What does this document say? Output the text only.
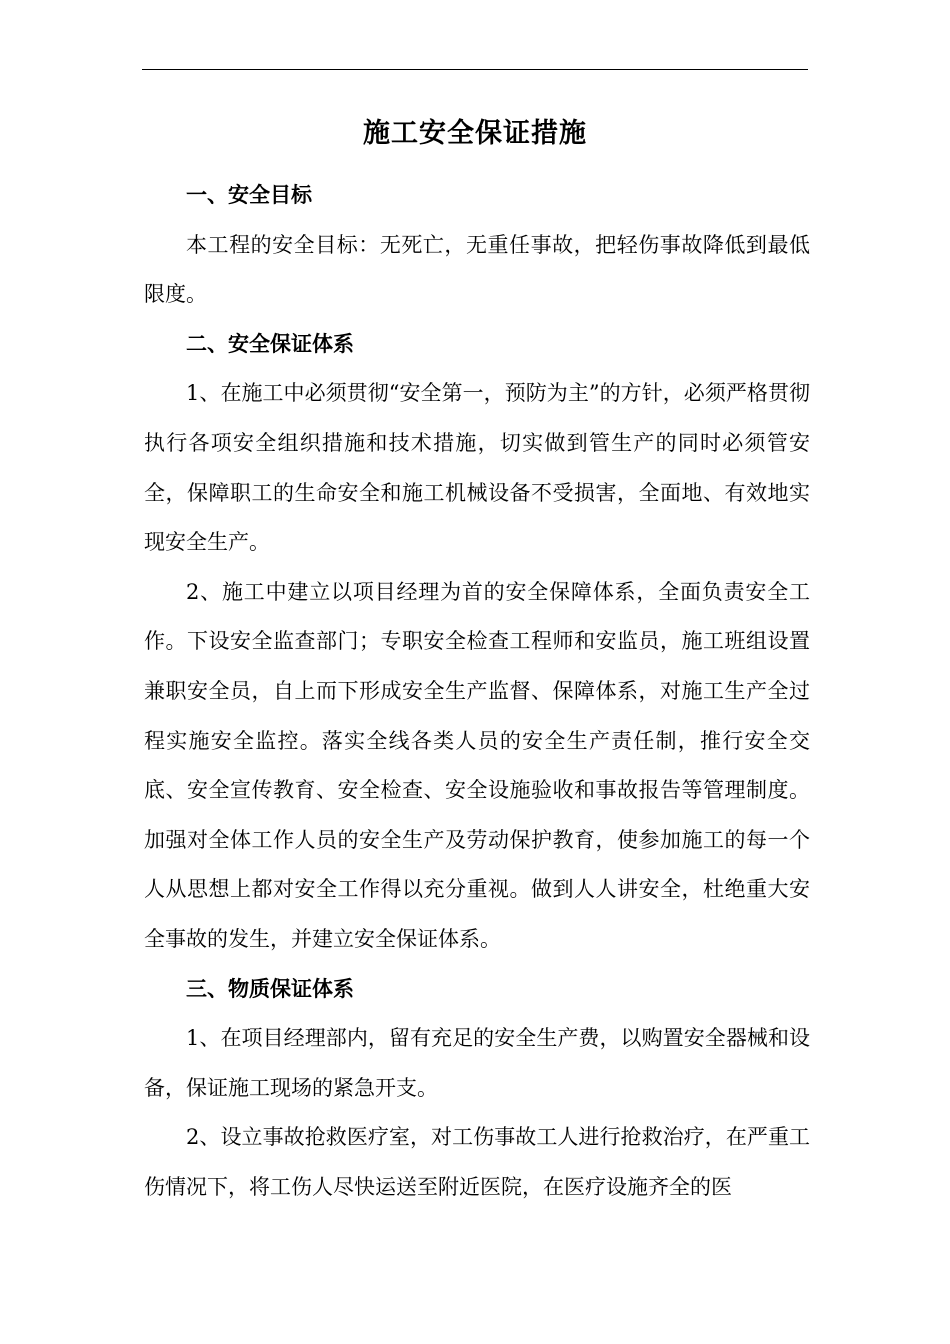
施工安全保证措施
一、安全目标

本工程的安全目标：无死亡，无重任事故，把轻伤事故降低到最低限度。

二、安全保证体系

1、在施工中必须贯彻“安全第一，预防为主”的方针，必须严格贯彻执行各项安全组织措施和技术措施，切实做到管生产的同时必须管安全，保障职工的生命安全和施工机械设备不受损害，全面地、有效地实现安全生产。

2、施工中建立以项目经理为首的安全保障体系，全面负责安全工作。下设安全监查部门；专职安全检查工程师和安监员，施工班组设置兼职安全员，自上而下形成安全生产监督、保障体系，对施工生产全过程实施安全监控。落实全线各类人员的安全生产责任制，推行安全交底、安全宣传教育、安全检查、安全设施验收和事故报告等管理制度。加强对全体工作人员的安全生产及劳动保护教育，使参加施工的每一个人从思想上都对安全工作得以充分重视。做到人人讲安全，杜绝重大安全事故的发生，并建立安全保证体系。

三、物质保证体系

1、在项目经理部内，留有充足的安全生产费，以购置安全器械和设备，保证施工现场的紧急开支。

2、设立事故抢救医疗室，对工伤事故工人进行抢救治疗，在严重工伤情况下，将工伤人尽快运送至附近医院，在医疗设施齐全的医
